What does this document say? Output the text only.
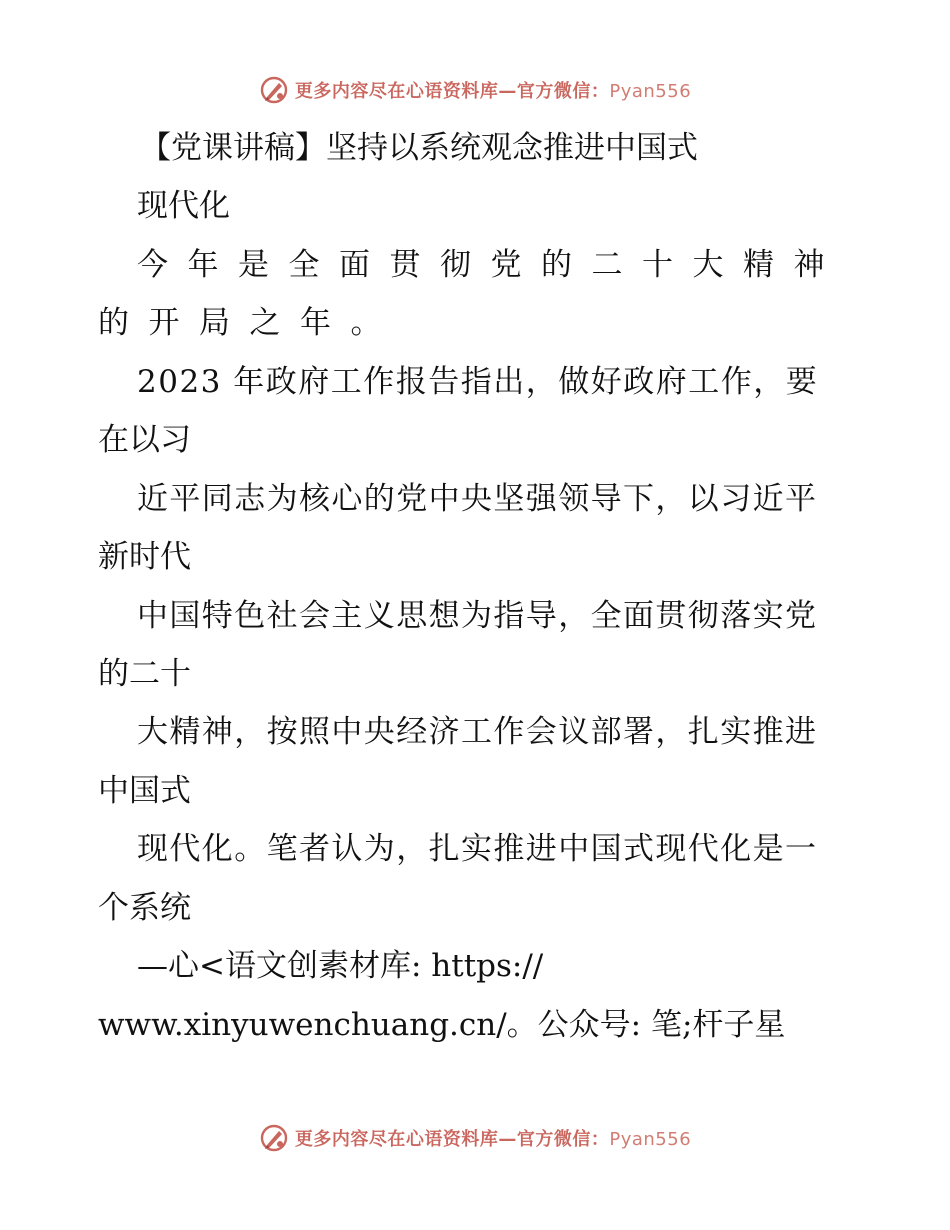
更多内容尽在心语资料库—官方微信：Pyan556
【党课讲稿】坚持以系统观念推进中国式
现代化
今年是全面贯彻党的二十大精神
的开局之年。
2023 年政府工作报告指出，做好政府工作，要
在以习
近平同志为核心的党中央坚强领导下，以习近平
新时代
中国特色社会主义思想为指导，全面贯彻落实党
的二十
大精神，按照中央经济工作会议部署，扎实推进
中国式
现代化。笔者认为，扎实推进中国式现代化是一
个系统
—心<语文创素材库: https://
www.xinyuwenchuang.cn/。公众号: 笔;杆子星
更多内容尽在心语资料库—官方微信：Pyan556
